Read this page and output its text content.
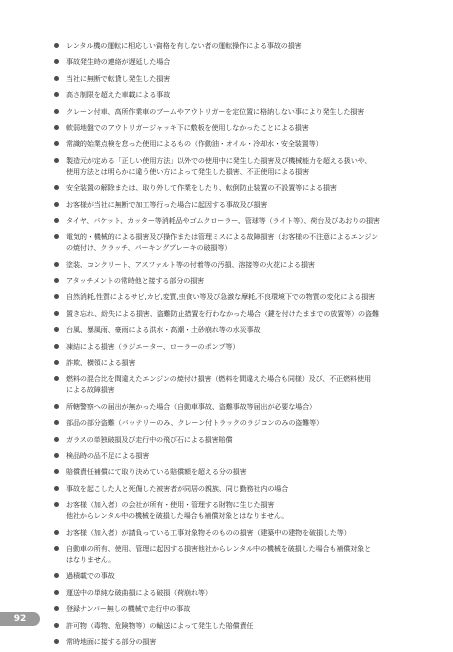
レンタル機の運転に相応しい資格を有しない者の運転操作による事故の損害
事故発生時の連絡が遅延した場合
当社に無断で転貸し発生した損害
高さ制限を超えた車載による事故
クレーン付車、高所作業車のブームやアウトリガーを定位置に格納しない事により発生した損害
軟弱地盤でのアウトリガージャッキ下に敷板を使用しなかったことによる損害
常識的始業点検を怠った使用によるもの（作動油・オイル・冷却水・安全装置等）
製造元が定める「正しい使用方法」以外での使用中に発生した損害及び機械能力を超える扱いや、
使用方法とは明らかに違う使い方によって発生した損害、不正使用による損害
安全装置の解除または、取り外して作業をしたり、転倒防止装置の不設置等による損害
お客様が当社に無断で加工等行った場合に起因する事故及び損害
タイヤ、バケット、カッター等消耗品やゴムクローラー、管球等（ライト等）、荷台及びあおりの損害
電気的・機械的による損害及び操作または管理ミスによる故障損害（お客様の不注意によるエンジン
の焼付け、クラッチ、パーキングブレーキの破損等）
塗装、コンクリート、アスファルト等の付着等の汚損、溶接等の火花による損害
アタッチメントの常時他と接する部分の損害
自然消耗,性質によるサビ,カビ,変質,虫食い等及び急激な摩耗,不良環境下での物質の変化による損害
置き忘れ、紛失による損害、盗難防止措置を行わなかった場合（鍵を付けたままでの放置等）の盗難
台風、暴風雨、豪雨による洪水・高潮・土砂崩れ等の水災事故
凍結による損害（ラジエーター、ローラーのポンプ等）
詐欺、横領による損害
燃料の混合比を間違えたエンジンの焼付け損害（燃料を間違えた場合も同様）及び、不正燃料使用
による故障損害
所轄警察への届出が無かった場合（自動車事故、盗難事故等届出が必要な場合）
部品の部分盗難（バッテリーのみ、クレーン付トラックのラジコンのみの盗難等）
ガラスの単独破損及び走行中の飛び石による損害賠償
検品時の品不足による損害
賠償責任補償にて取り決めている賠償額を超える分の損害
事故を起こした人と死傷した被害者が同居の親族、同じ勤務社内の場合
お客様（加入者）の会社が所有・使用・管理する財物に生じた損害
他社からレンタル中の機械を破損した場合も補償対象とはなりません。
お客様（加入者）が請負っている工事対象物そのものの損害（建築中の建物を破損した等）
自動車の所有、使用、管理に起因する損害他社からレンタル中の機械を破損した場合も補償対象と
はなりません。
過積載での事故
運送中の単純な破曲損による破損（荷崩れ等）
登録ナンバー無しの機械で走行中の事故
許可物（毒物、危険物等）の輸送によって発生した賠償責任
常時地面に接する部分の損害
92
